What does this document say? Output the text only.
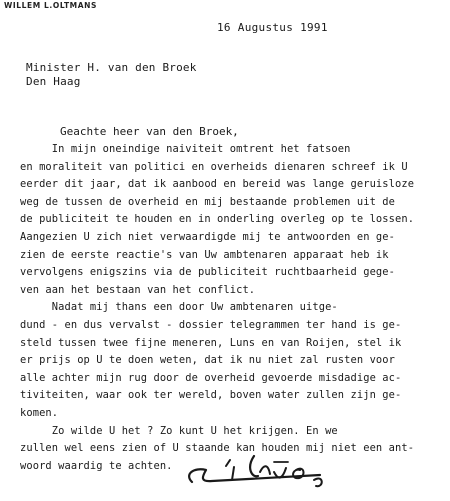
WILLEM L.OLTMANS
16 Augustus 1991
Minister H. van den Broek
Den Haag
Geachte heer van den Broek,
In mijn oneindige naiviteit omtrent het fatsoen
en moraliteit van politici en overheids dienaren schreef ik U
eerder dit jaar, dat ik aanbood en bereid was lange geruisloze
weg de tussen de overheid en mij bestaande problemen uit de
de publiciteit te houden en in onderling overleg op te lossen.
Aangezien U zich niet verwaardigde mij te antwoorden en ge-
zien de eerste reactie's van Uw ambtenaren apparaat heb ik
vervolgens enigszins via de publiciteit ruchtbaarheid gege-
ven aan het bestaan van het conflict.
Nadat mij thans een door Uw ambtenaren uitge-
dund - en dus vervalst - dossier telegrammen ter hand is ge-
steld tussen twee fijne meneren, Luns en van Roijen, stel ik
er prijs op U te doen weten, dat ik nu niet zal rusten voor
alle achter mijn rug door de overheid gevoerde misdadige ac-
tiviteiten, waar ook ter wereld, boven water zullen zijn ge-
komen.
Zo wilde U het ? Zo kunt U het krijgen. En we
zullen wel eens zien of U staande kan houden mij niet een ant-
woord waardig te achten.
